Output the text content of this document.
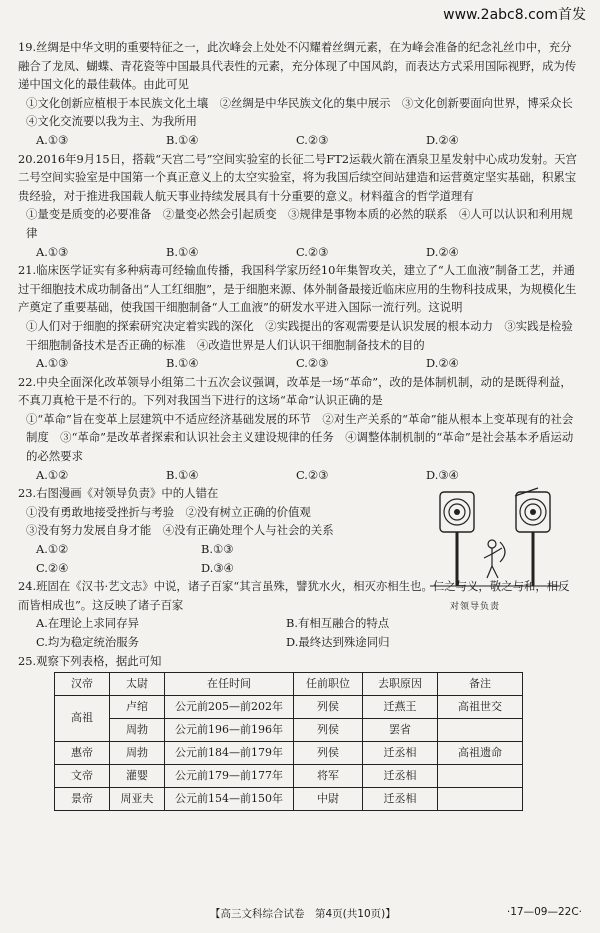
www.2abc8.com首发

19.丝绸是中华文明的重要特征之一，此次峰会上处处不闪耀着丝绸元素，在为峰会准备的纪念礼丝巾中，充分融合了龙凤、蝴蝶、青花瓷等中国最具代表性的元素，充分体现了中国风韵，而表达方式采用国际视野，成为传递中国文化的最佳载体。由此可见

①文化创新应植根于本民族文化土壤　②丝绸是中华民族文化的集中展示　③文化创新要面向世界，博采众长　④文化交流要以我为主、为我所用

A.①③	B.①④	C.②③	D.②④

20.2016年9月15日，搭载“天宫二号”空间实验室的长征二号FT2运载火箭在酒泉卫星发射中心成功发射。天宫二号空间实验室是中国第一个真正意义上的太空实验室，将为我国后续空间站建造和运营奠定坚实基础，积累宝贵经验，对于推进我国载人航天事业持续发展具有十分重要的意义。材料蕴含的哲学道理有

①量变是质变的必要准备　②量变必然会引起质变　③规律是事物本质的必然的联系　④人可以认识和利用规律

A.①③	B.①④	C.②③	D.②④

21.临床医学证实有多种病毒可经输血传播，我国科学家历经10年集智攻关，建立了“人工血液”制备工艺，并通过干细胞技术成功制备出“人工红细胞”，是于细胞来源、体外制备最接近临床应用的生物科技成果，为规模化生产奠定了重要基础，使我国干细胞制备“人工血液”的研发水平进入国际一流行列。这说明

①人们对于细胞的探索研究决定着实践的深化　②实践提出的客观需要是认识发展的根本动力　③实践是检验干细胞制备技术是否正确的标准　④改造世界是人们认识干细胞制备技术的目的

A.①③	B.①④	C.②③	D.②④

22.中央全面深化改革领导小组第二十五次会议强调，改革是一场“革命”，改的是体制机制，动的是既得利益，不真刀真枪干是不行的。下列对我国当下进行的这场“革命”认识正确的是

①“革命”旨在变革上层建筑中不适应经济基础发展的环节　②对生产关系的“革命”能从根本上变革现有的社会制度　③“革命”是改革者探索和认识社会主义建设规律的任务　④调整体制机制的“革命”是社会基本矛盾运动的必然要求

A.①②	B.①④	C.②③	D.③④

23.右图漫画《对领导负责》中的人错在

①没有勇敢地接受挫折与考验　 ②没有树立正确的价值观

③没有努力发展自身才能　 ④没有正确处理个人与社会的关系

A.①②	B.①③
C.②④	D.③④
对领导负责

24.班固在《汉书·艺文志》中说，诸子百家“其言虽殊，譬犹水火，相灭亦相生也。仁之与义，敬之与和，相反而皆相成也”。这反映了诸子百家

A.在理论上求同存异	B.有相互融合的特点
C.均为稳定统治服务	D.最终达到殊途同归

25.观察下列表格，据此可知

汉帝	太尉	在任时间	任前职位	去职原因	备注
高祖	卢绾	公元前205—前202年	列侯	迁燕王	高祖世交
	周勃	公元前196—前196年	列侯	罢省	
惠帝	周勃	公元前184—前179年	列侯	迁丞相	高祖遗命
文帝	灌婴	公元前179—前177年	将军	迁丞相	
景帝	周亚夫	公元前154—前150年	中尉	迁丞相	
【高三文科综合试卷　第4页(共10页)】	·17—09—22C·
